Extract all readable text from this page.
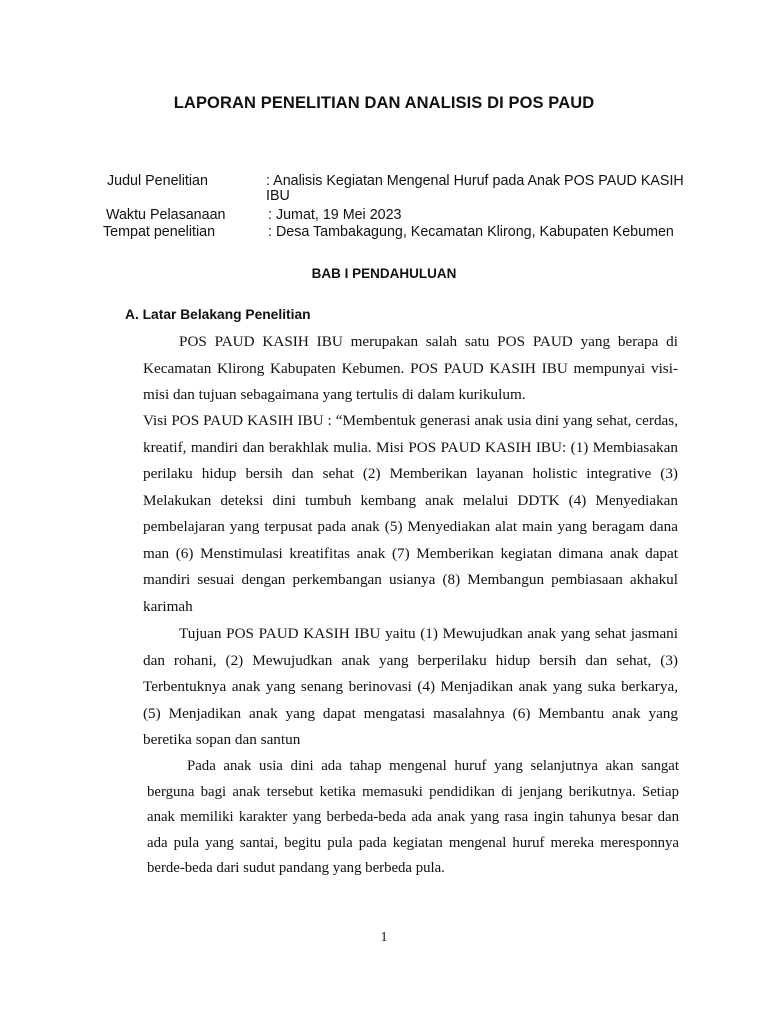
LAPORAN PENELITIAN DAN ANALISIS DI POS PAUD
Judul Penelitian	: Analisis Kegiatan Mengenal Huruf pada Anak POS PAUD KASIH IBU
Waktu Pelasanaan	: Jumat, 19 Mei 2023
Tempat penelitian	: Desa Tambakagung, Kecamatan Klirong, Kabupaten Kebumen
BAB I PENDAHULUAN
A. Latar Belakang Penelitian

POS PAUD KASIH IBU merupakan salah satu POS PAUD yang berapa di Kecamatan Klirong Kabupaten Kebumen. POS PAUD KASIH IBU mempunyai visi-misi dan tujuan sebagaimana yang tertulis di dalam kurikulum.

Visi POS PAUD KASIH IBU : “Membentuk generasi anak usia dini yang sehat, cerdas, kreatif, mandiri dan berakhlak mulia. Misi POS PAUD KASIH IBU: (1) Membiasakan perilaku hidup bersih dan sehat (2) Memberikan layanan holistic integrative (3) Melakukan deteksi dini tumbuh kembang anak melalui DDTK (4) Menyediakan pembelajaran yang terpusat pada anak (5) Menyediakan alat main yang beragam dana man (6) Menstimulasi kreatifitas anak (7) Memberikan kegiatan dimana anak dapat mandiri sesuai dengan perkembangan usianya (8) Membangun pembiasaan akhakul karimah

Tujuan POS PAUD KASIH IBU yaitu (1) Mewujudkan anak yang sehat jasmani dan rohani, (2) Mewujudkan anak yang berperilaku hidup bersih dan sehat, (3) Terbentuknya anak yang senang berinovasi (4) Menjadikan anak yang suka berkarya, (5) Menjadikan anak yang dapat mengatasi masalahnya (6) Membantu anak yang beretika sopan dan santun

Pada anak usia dini ada tahap mengenal huruf yang selanjutnya akan sangat berguna bagi anak tersebut ketika memasuki pendidikan di jenjang berikutnya. Setiap anak memiliki karakter yang berbeda-beda ada anak yang rasa ingin tahunya besar dan ada pula yang santai, begitu pula pada kegiatan mengenal huruf mereka meresponnya berde-beda dari sudut pandang yang berbeda pula.

1
